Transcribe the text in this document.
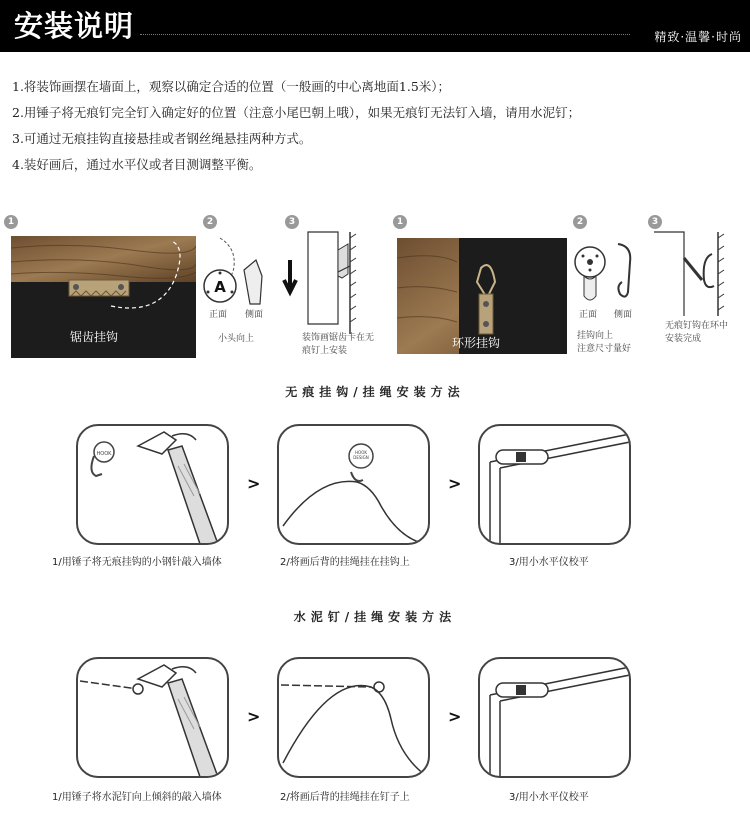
安装说明	精致·温馨·时尚
1.将装饰画摆在墙面上，观察以确定合适的位置（一般画的中心离地面1.5米）；
2.用锤子将无痕钉完全钉入确定好的位置（注意小尾巴朝上哦），如果无痕钉无法钉入墙，请用水泥钉；
3.可通过无痕挂钩直接悬挂或者钢丝绳悬挂两种方式。
4.装好画后，通过水平仪或者目测调整平衡。
1	2	3
锯齿挂钩
A
正面 侧面
小头向上	装饰画锯齿卡在无
痕钉上安装
1	2	3
环形挂钩
正面 侧面
挂钩向上
注意尺寸量好
无痕钉钩在环中
安装完成
无痕挂钩/挂绳安装方法
HOOK
>
HOOK
DESIGN
>
1/用锤子将无痕挂钩的小钢针敲入墙体	2/将画后背的挂绳挂在挂钩上	3/用小水平仪校平
水泥钉/挂绳安装方法
>	>
1/用锤子将水泥钉向上倾斜的敲入墙体	2/将画后背的挂绳挂在钉子上	3/用小水平仪校平
